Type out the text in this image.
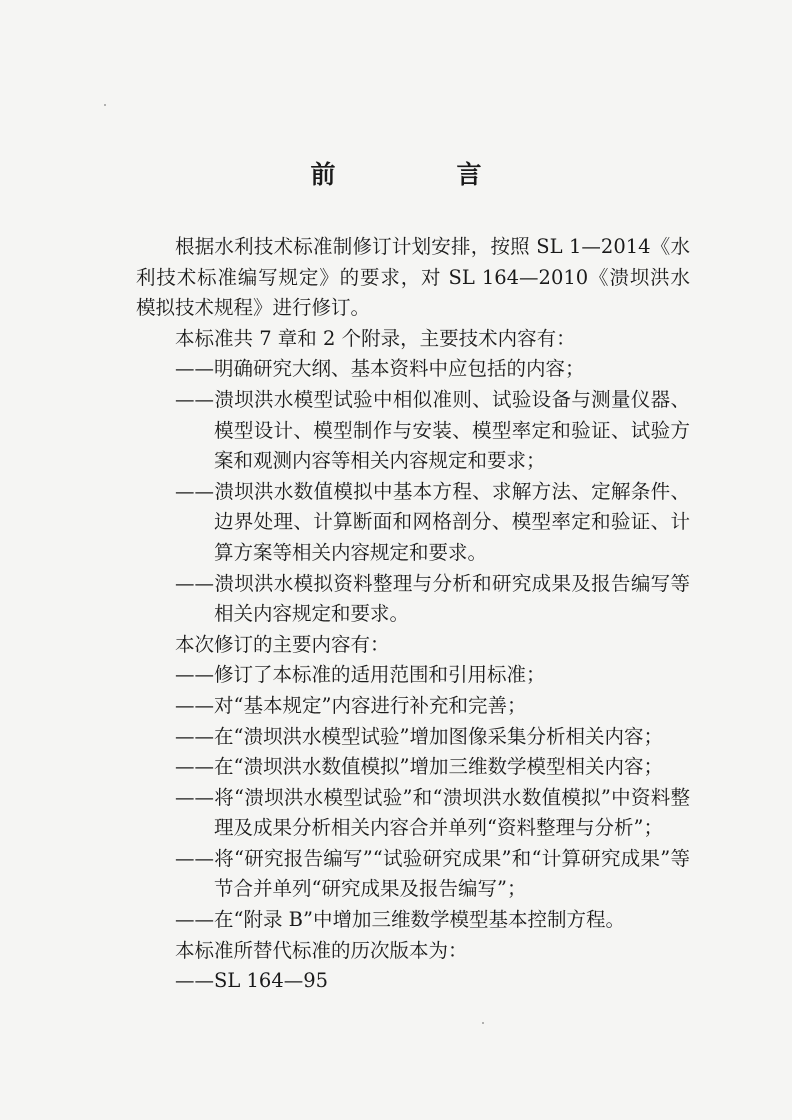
前　言

根据水利技术标准制修订计划安排，按照 SL 1—2014《水利技术标准编写规定》的要求，对 SL 164—2010《溃坝洪水模拟技术规程》进行修订。

本标准共 7 章和 2 个附录，主要技术内容有：

——明确研究大纲、基本资料中应包括的内容；

——溃坝洪水模型试验中相似准则、试验设备与测量仪器、模型设计、模型制作与安装、模型率定和验证、试验方案和观测内容等相关内容规定和要求；

——溃坝洪水数值模拟中基本方程、求解方法、定解条件、边界处理、计算断面和网格剖分、模型率定和验证、计算方案等相关内容规定和要求。

——溃坝洪水模拟资料整理与分析和研究成果及报告编写等相关内容规定和要求。

本次修订的主要内容有：

——修订了本标准的适用范围和引用标准；

——对“基本规定”内容进行补充和完善；

——在“溃坝洪水模型试验”增加图像采集分析相关内容；

——在“溃坝洪水数值模拟”增加三维数学模型相关内容；

——将“溃坝洪水模型试验”和“溃坝洪水数值模拟”中资料整理及成果分析相关内容合并单列“资料整理与分析”；

——将“研究报告编写”“试验研究成果”和“计算研究成果”等节合并单列“研究成果及报告编写”；

——在“附录 B”中增加三维数学模型基本控制方程。

本标准所替代标准的历次版本为：

——SL 164—95
